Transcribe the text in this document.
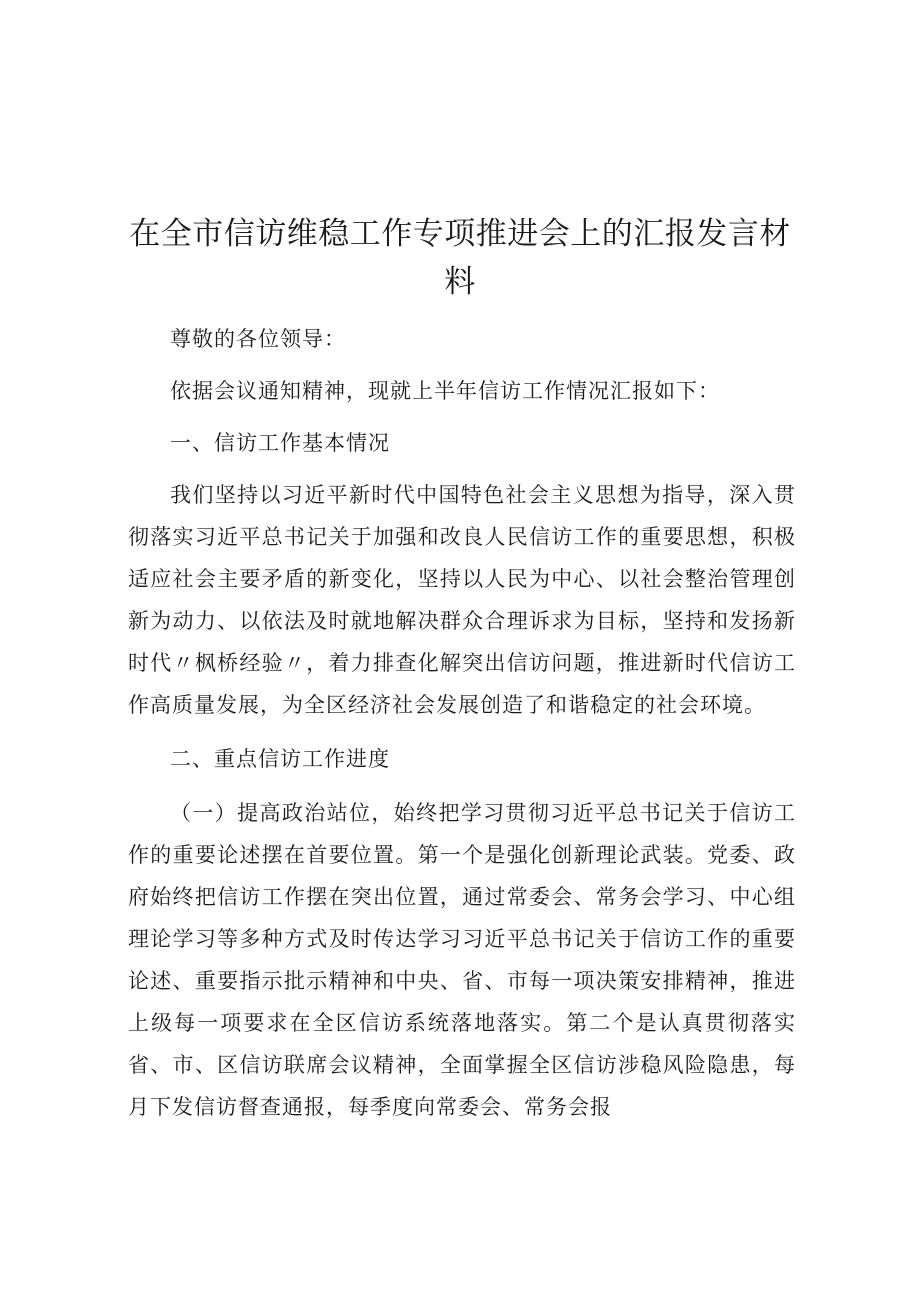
在全市信访维稳工作专项推进会上的汇报发言材料

尊敬的各位领导：

依据会议通知精神，现就上半年信访工作情况汇报如下：

一、信访工作基本情况

我们坚持以习近平新时代中国特色社会主义思想为指导，深入贯彻落实习近平总书记关于加强和改良人民信访工作的重要思想，积极适应社会主要矛盾的新变化，坚持以人民为中心、以社会整治管理创新为动力、以依法及时就地解决群众合理诉求为目标，坚持和发扬新时代〃枫桥经验〃，着力排查化解突出信访问题，推进新时代信访工作高质量发展，为全区经济社会发展创造了和谐稳定的社会环境。

二、重点信访工作进度

（一）提高政治站位，始终把学习贯彻习近平总书记关于信访工作的重要论述摆在首要位置。第一个是强化创新理论武装。党委、政府始终把信访工作摆在突出位置，通过常委会、常务会学习、中心组理论学习等多种方式及时传达学习习近平总书记关于信访工作的重要论述、重要指示批示精神和中央、省、市每一项决策安排精神，推进上级每一项要求在全区信访系统落地落实。第二个是认真贯彻落实省、市、区信访联席会议精神，全面掌握全区信访涉稳风险隐患，每月下发信访督查通报，每季度向常委会、常务会报
